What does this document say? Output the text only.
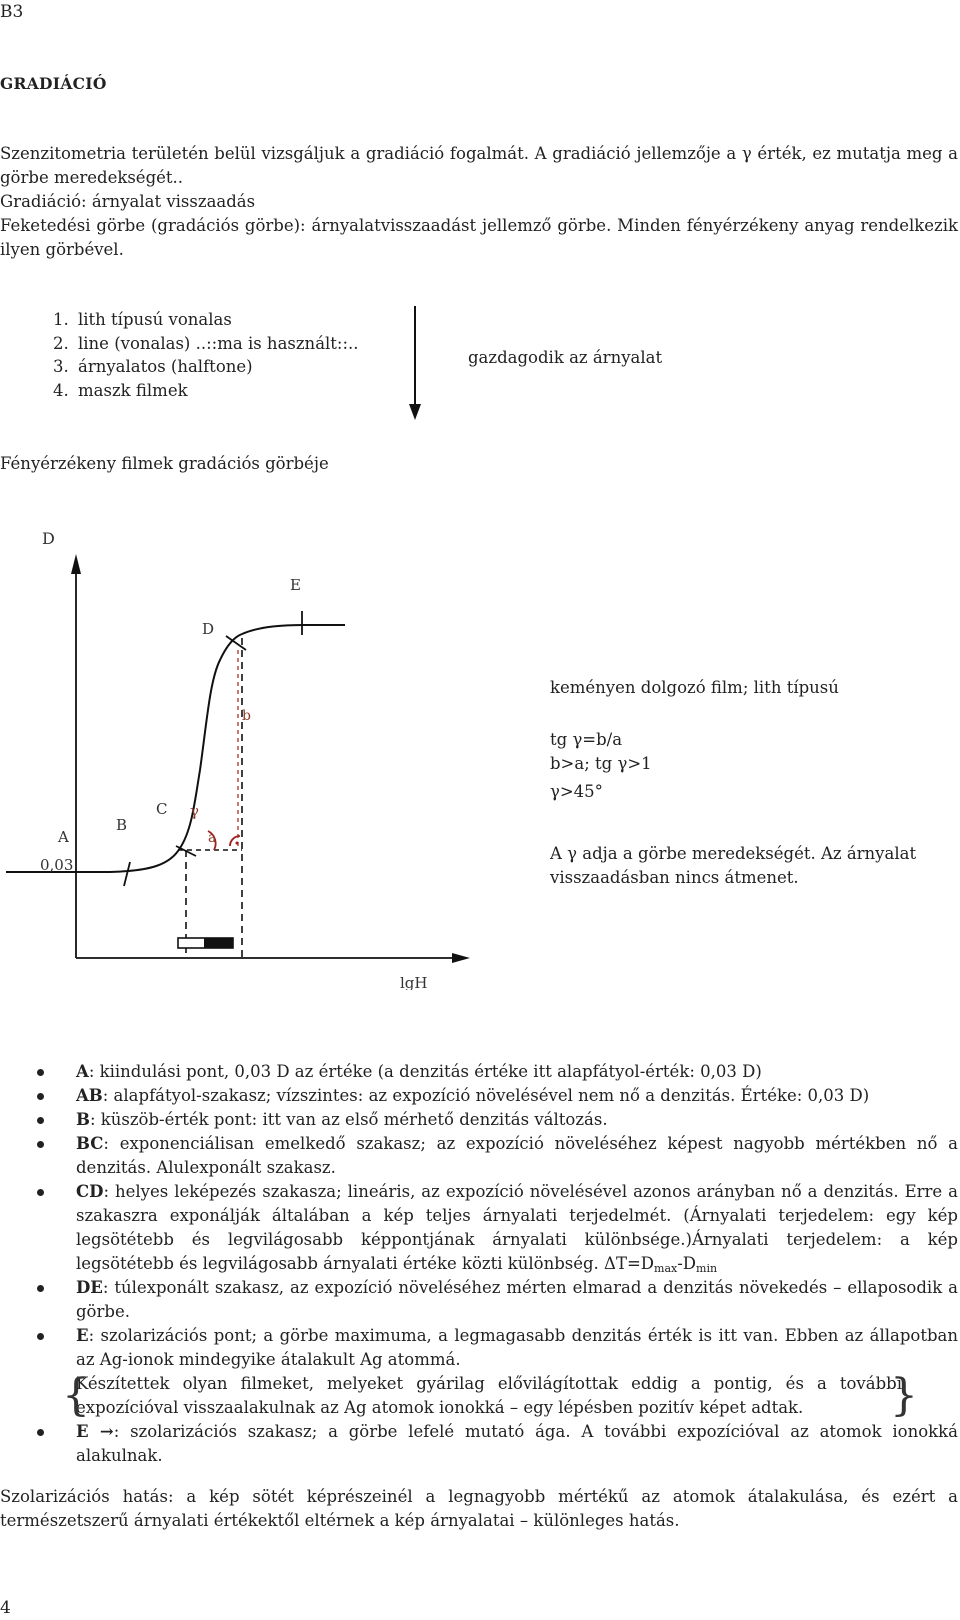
B3
GRADIÁCIÓ

Szenzitometria területén belül vizsgáljuk a gradiáció fogalmát. A gradiáció jellemzője a γ érték, ez mutatja meg a görbe meredekségét..

Gradiáció: árnyalat visszaadás

Feketedési görbe (gradációs görbe): árnyalatvisszaadást jellemző görbe. Minden fényérzékeny anyag rendelkezik ilyen görbével.

1. lith típusú vonalas
2. line (vonalas) ..::ma is használt::..
3. árnyalatos (halftone)
4. maszk filmek
gazdagodik az árnyalat
Fényérzékeny filmek gradációs görbéje
D
lgH
0,03
A
B
C
D
E
b
a
γ
keményen dolgozó film; lith típusú
tg γ=b/a
b>a; tg γ>1
γ>45°
A γ adja a görbe meredekségét. Az árnyalat visszaadásban nincs átmenet.
A: kiindulási pont, 0,03 D az értéke (a denzitás értéke itt alapfátyol-érték: 0,03 D)
AB: alapfátyol-szakasz; vízszintes: az expozíció növelésével nem nő a denzitás. Értéke: 0,03 D)
B: küszöb-érték pont: itt van az első mérhető denzitás változás.
BC: exponenciálisan emelkedő szakasz; az expozíció növeléséhez képest nagyobb mértékben nő a denzitás. Alulexponált szakasz.
CD: helyes leképezés szakasza; lineáris, az expozíció növelésével azonos arányban nő a denzitás. Erre a szakaszra exponálják általában a kép teljes árnyalati terjedelmét. (Árnyalati terjedelem: egy kép legsötétebb és legvilágosabb képpontjának árnyalati különbsége.)Árnyalati terjedelem: a kép legsötétebb és legvilágosabb árnyalati értéke közti különbség. $\Delta T=D_{max}-D_{min}$
DE: túlexponált szakasz, az expozíció növeléséhez mérten elmarad a denzitás növekedés – ellaposodik a görbe.
E: szolarizációs pont; a görbe maximuma, a legmagasabb denzitás érték is itt van. Ebben az állapotban az Ag-ionok mindegyike átalakult Ag atommá.
{
Készítettek olyan filmeket, melyeket gyárilag elővilágítottak eddig a pontig, és a további expozícióval visszaalakulnak az Ag atomok ionokká – egy lépésben pozitív képet adtak. }
E →: szolarizációs szakasz; a görbe lefelé mutató ága. A további expozícióval az atomok ionokká alakulnak.
Szolarizációs hatás: a kép sötét képrészeinél a legnagyobb mértékű az atomok átalakulása, és ezért a természetszerű árnyalati értékektől eltérnek a kép árnyalatai – különleges hatás.
4
